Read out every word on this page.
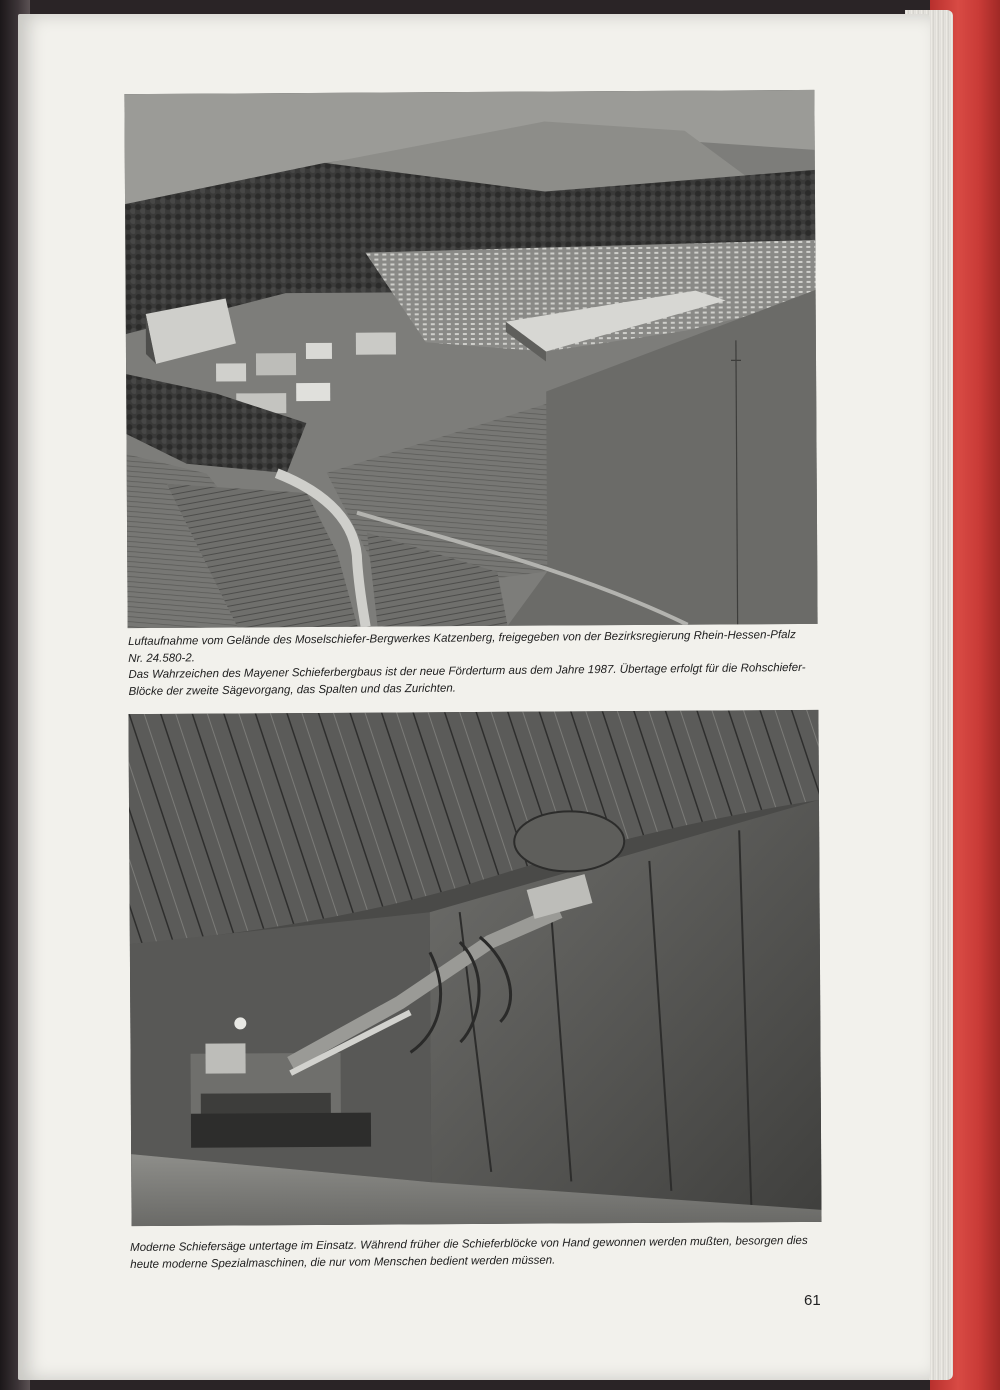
Luftaufnahme vom Gelände des Moselschiefer-Bergwerkes Katzenberg, freigegeben von der Bezirksregierung Rhein-Hessen-Pfalz

Nr. 24.580-2.

Das Wahrzeichen des Mayener Schieferbergbaus ist der neue Förderturm aus dem Jahre 1987. Übertage erfolgt für die Rohschiefer-

Blöcke der zweite Sägevorgang, das Spalten und das Zurichten.

Moderne Schiefersäge untertage im Einsatz. Während früher die Schieferblöcke von Hand gewonnen werden mußten, besorgen dies

heute moderne Spezialmaschinen, die nur vom Menschen bedient werden müssen.

61
